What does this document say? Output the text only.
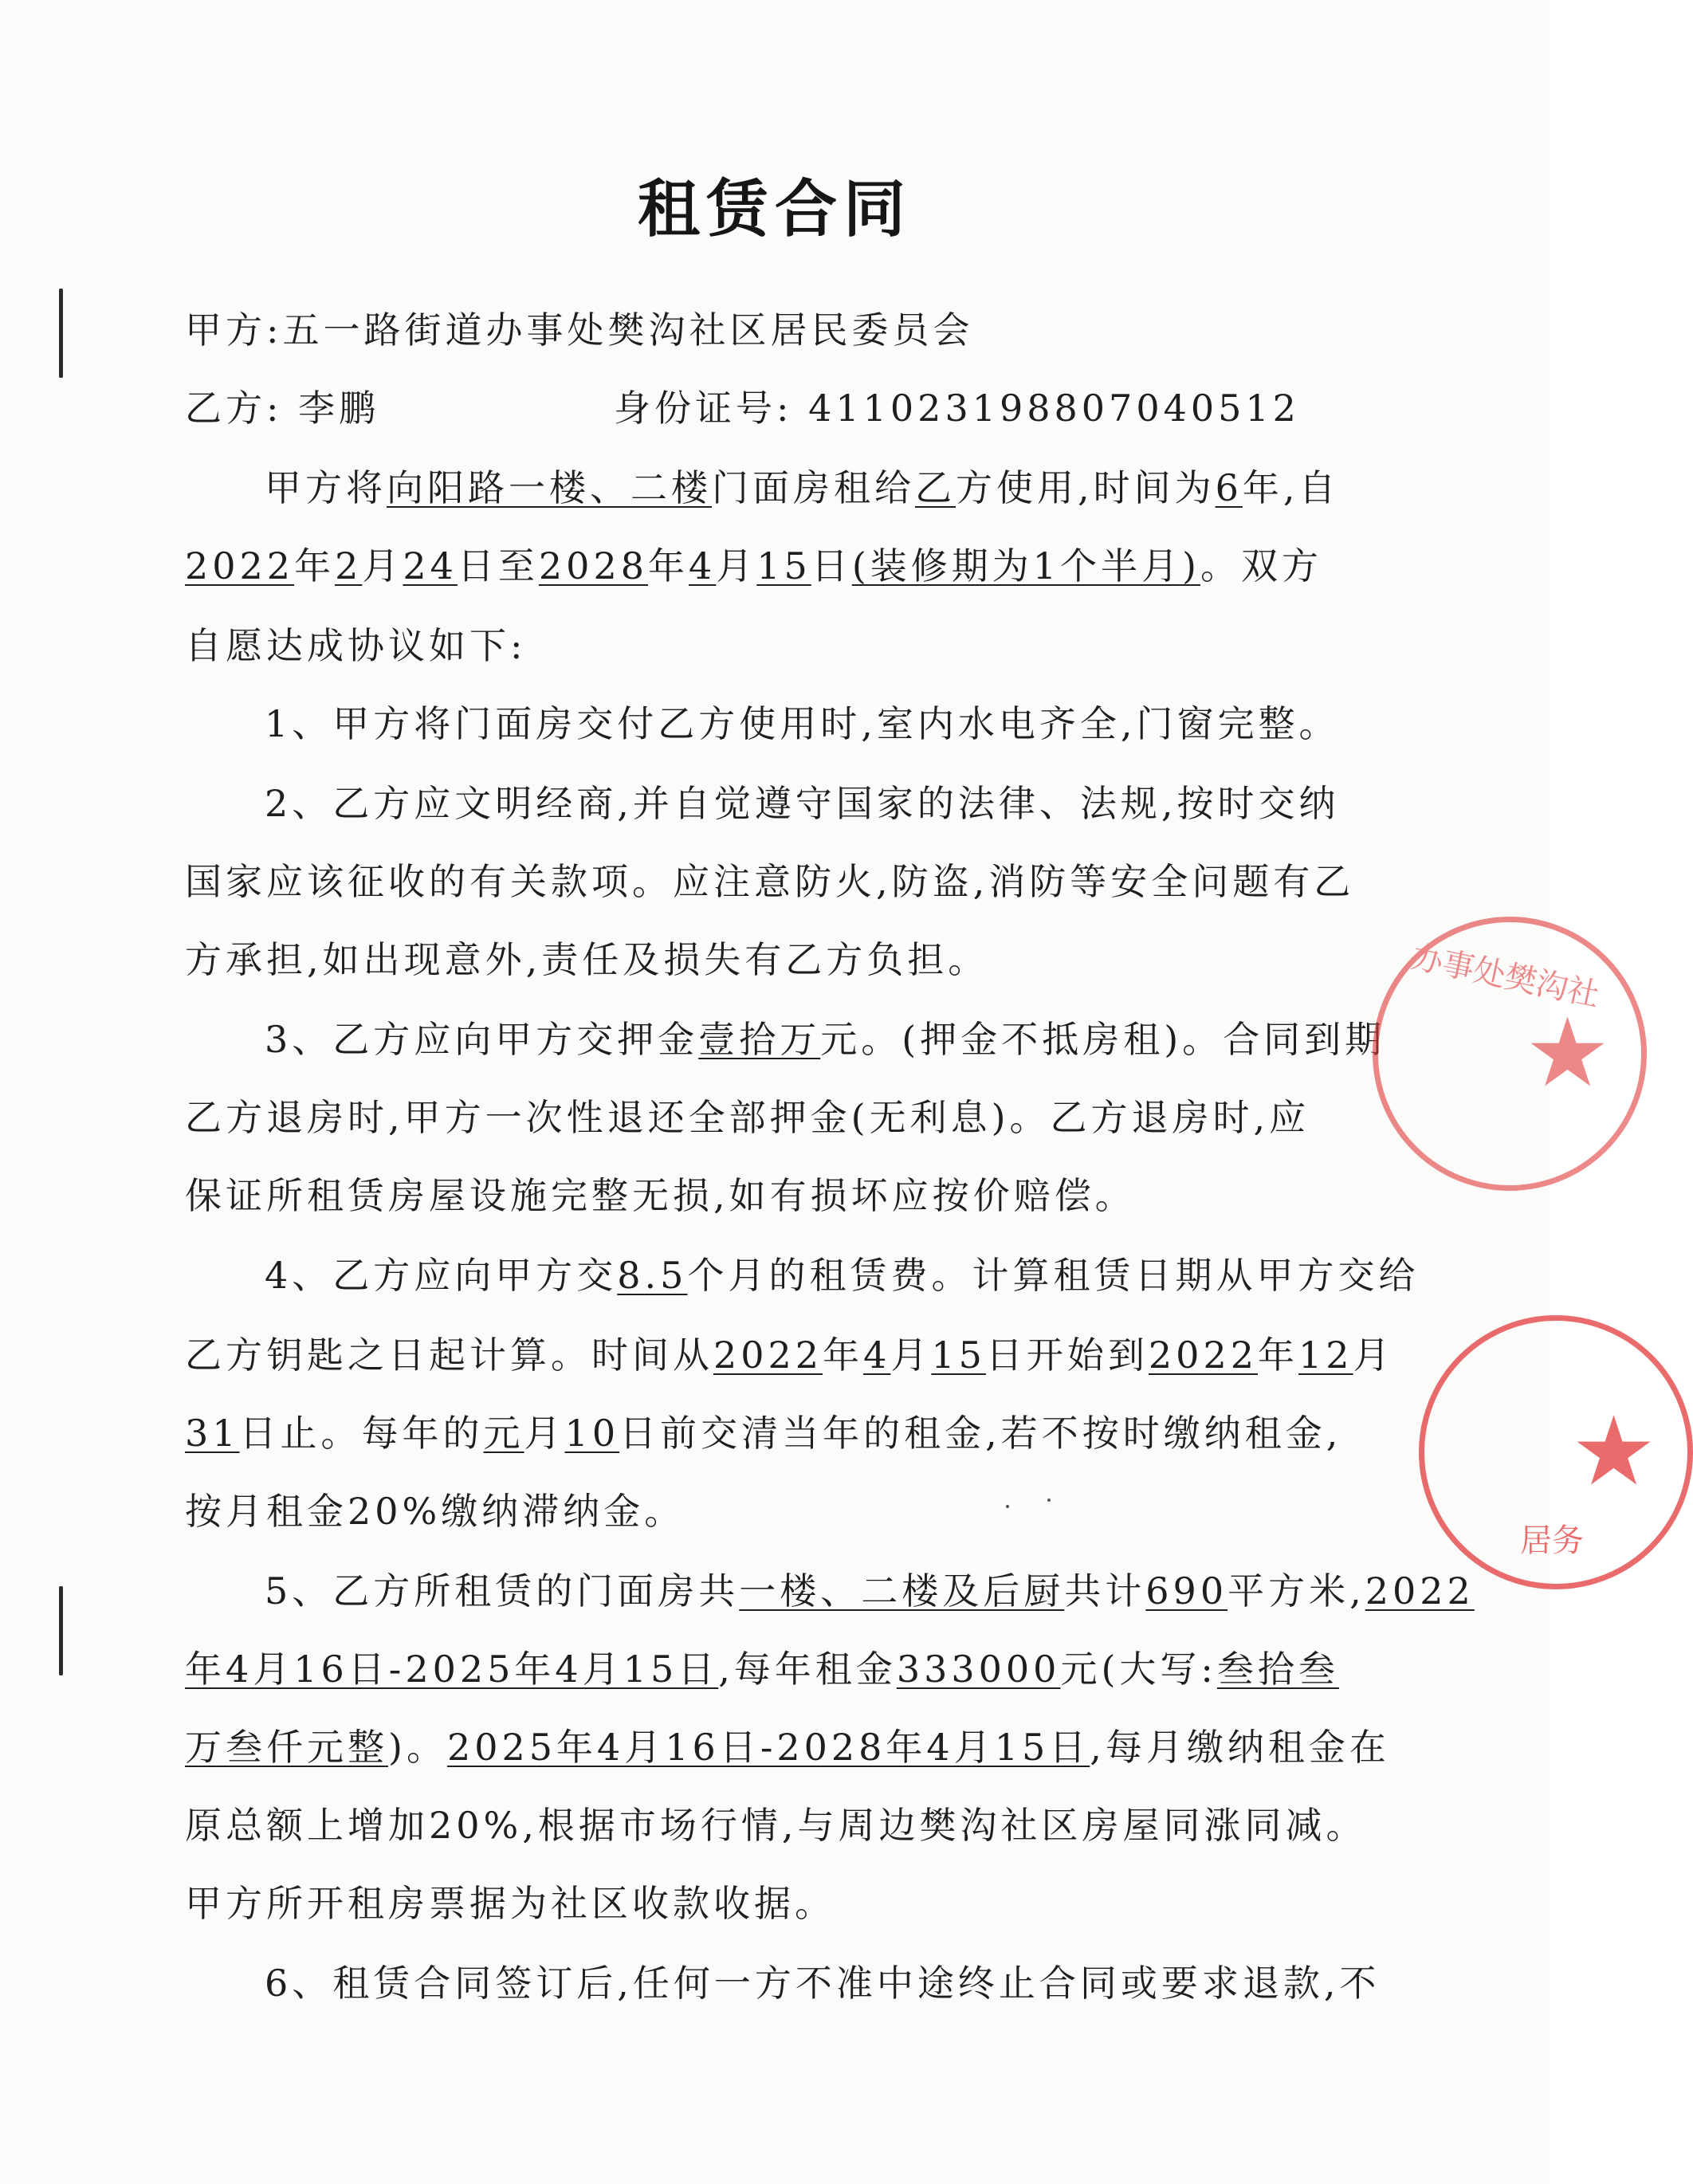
租赁合同
甲方:五一路街道办事处樊沟社区居民委员会
乙方: 李鹏	身份证号: 411023198807040512
甲方将向阳路一楼、二楼门面房租给乙方使用,时间为6年,自
2022年2月24日至2028年4月15日(装修期为1个半月)。双方
自愿达成协议如下:
1、甲方将门面房交付乙方使用时,室内水电齐全,门窗完整。
2、乙方应文明经商,并自觉遵守国家的法律、法规,按时交纳
国家应该征收的有关款项。应注意防火,防盗,消防等安全问题有乙
方承担,如出现意外,责任及损失有乙方负担。
3、乙方应向甲方交押金壹拾万元。(押金不抵房租)。合同到期
乙方退房时,甲方一次性退还全部押金(无利息)。乙方退房时,应
保证所租赁房屋设施完整无损,如有损坏应按价赔偿。
4、乙方应向甲方交8.5个月的租赁费。计算租赁日期从甲方交给
乙方钥匙之日起计算。时间从2022年4月15日开始到2022年12月
31日止。每年的元月10日前交清当年的租金,若不按时缴纳租金,
按月租金20%缴纳滞纳金。
5、乙方所租赁的门面房共一楼、二楼及后厨共计690平方米,2022
年4月16日-2025年4月15日,每年租金333000元(大写:叁拾叁
万叁仟元整)。2025年4月16日-2028年4月15日,每月缴纳租金在
原总额上增加20%,根据市场行情,与周边樊沟社区房屋同涨同减。
甲方所开租房票据为社区收款收据。
6、租赁合同签订后,任何一方不准中途终止合同或要求退款,不
★
办事处樊沟社
★
居务
